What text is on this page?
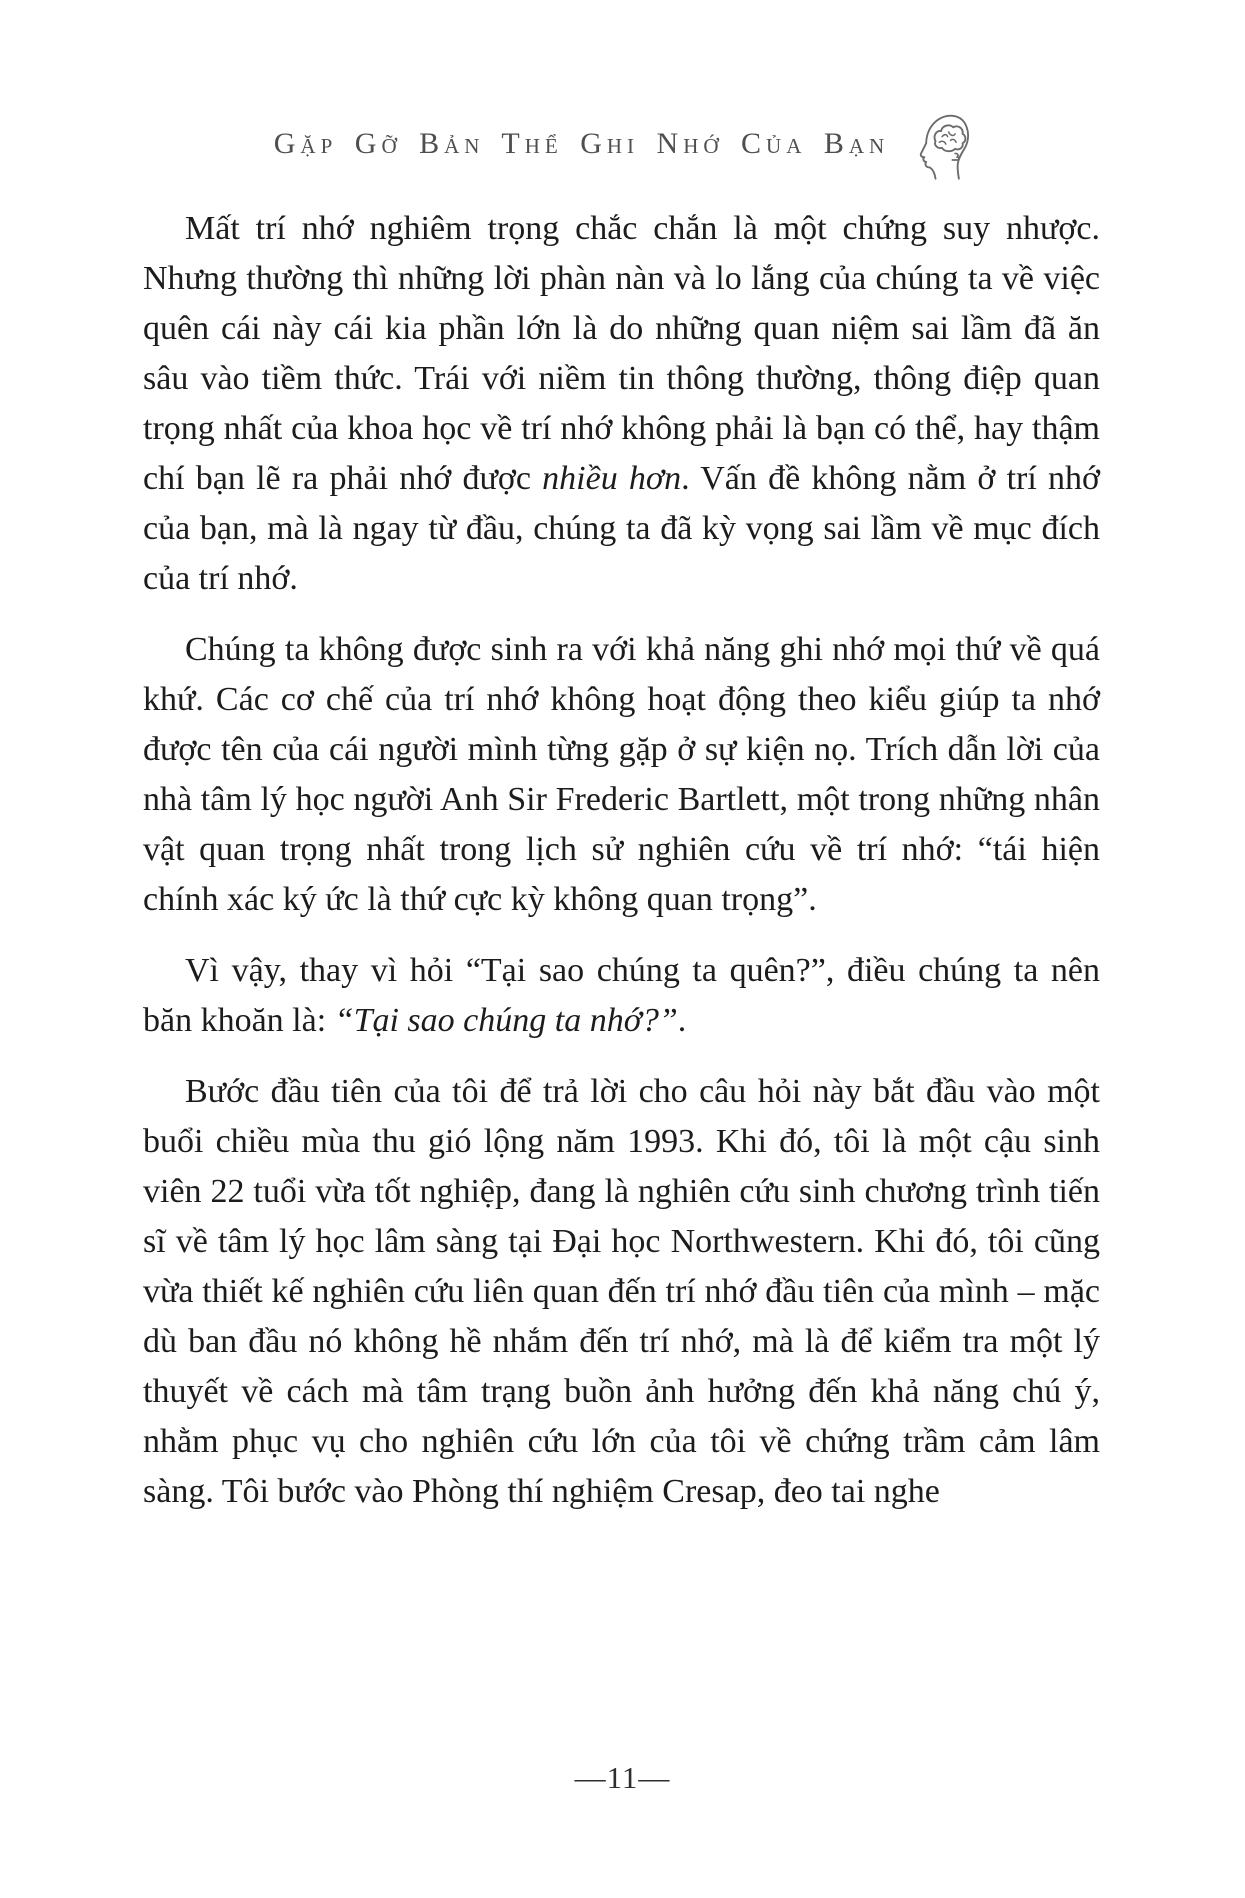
Gặp Gỡ Bản Thể Ghi Nhớ Của Bạn

Mất trí nhớ nghiêm trọng chắc chắn là một chứng suy nhược. Nhưng thường thì những lời phàn nàn và lo lắng của chúng ta về việc quên cái này cái kia phần lớn là do những quan niệm sai lầm đã ăn sâu vào tiềm thức. Trái với niềm tin thông thường, thông điệp quan trọng nhất của khoa học về trí nhớ không phải là bạn có thể, hay thậm chí bạn lẽ ra phải nhớ được nhiều hơn. Vấn đề không nằm ở trí nhớ của bạn, mà là ngay từ đầu, chúng ta đã kỳ vọng sai lầm về mục đích của trí nhớ.

Chúng ta không được sinh ra với khả năng ghi nhớ mọi thứ về quá khứ. Các cơ chế của trí nhớ không hoạt động theo kiểu giúp ta nhớ được tên của cái người mình từng gặp ở sự kiện nọ. Trích dẫn lời của nhà tâm lý học người Anh Sir Frederic Bartlett, một trong những nhân vật quan trọng nhất trong lịch sử nghiên cứu về trí nhớ: “tái hiện chính xác ký ức là thứ cực kỳ không quan trọng”.

Vì vậy, thay vì hỏi “Tại sao chúng ta quên?”, điều chúng ta nên băn khoăn là: “Tại sao chúng ta nhớ?”.

Bước đầu tiên của tôi để trả lời cho câu hỏi này bắt đầu vào một buổi chiều mùa thu gió lộng năm 1993. Khi đó, tôi là một cậu sinh viên 22 tuổi vừa tốt nghiệp, đang là nghiên cứu sinh chương trình tiến sĩ về tâm lý học lâm sàng tại Đại học Northwestern. Khi đó, tôi cũng vừa thiết kế nghiên cứu liên quan đến trí nhớ đầu tiên của mình – mặc dù ban đầu nó không hề nhắm đến trí nhớ, mà là để kiểm tra một lý thuyết về cách mà tâm trạng buồn ảnh hưởng đến khả năng chú ý, nhằm phục vụ cho nghiên cứu lớn của tôi về chứng trầm cảm lâm sàng. Tôi bước vào Phòng thí nghiệm Cresap, đeo tai nghe

—11—
